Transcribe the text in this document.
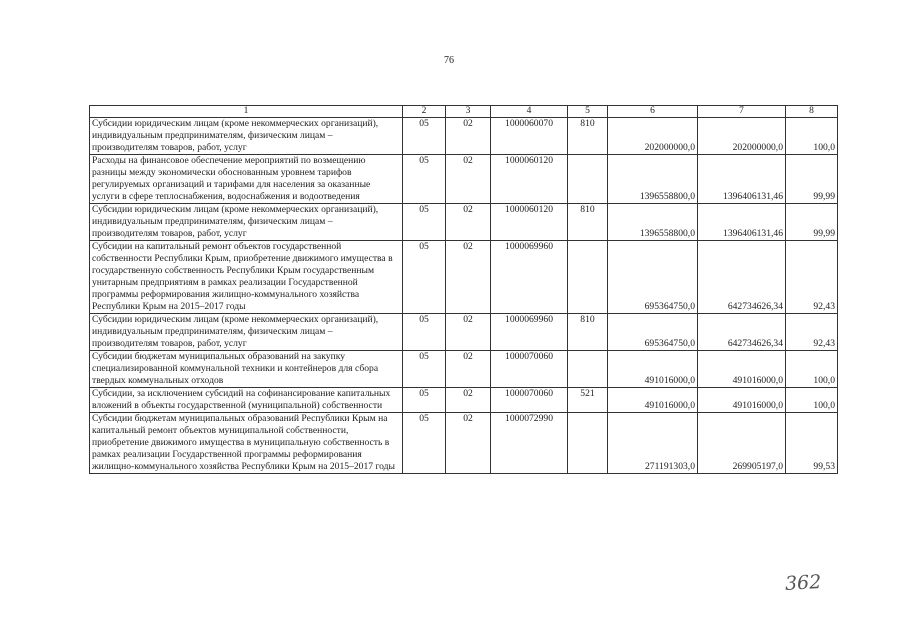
76
1	2	3	4	5	6	7	8
Субсидии юридическим лицам (кроме некоммерческих организаций), индивидуальным предпринимателям, физическим лицам – производителям товаров, работ, услуг	05	02	1000060070	810	202000000,0	202000000,0	100,0
Расходы на финансовое обеспечение мероприятий по возмещению разницы между экономически обоснованным уровнем тарифов регулируемых организаций и тарифами для населения за оказанные услуги в сфере теплоснабжения, водоснабжения и водоотведения	05	02	1000060120		1396558800,0	1396406131,46	99,99
Субсидии юридическим лицам (кроме некоммерческих организаций), индивидуальным предпринимателям, физическим лицам – производителям товаров, работ, услуг	05	02	1000060120	810	1396558800,0	1396406131,46	99,99
Субсидии на капитальный ремонт объектов государственной собственности Республики Крым, приобретение движимого имущества в государственную собственность Республики Крым государственным унитарным предприятиям в рамках реализации Государственной программы реформирования жилищно-коммунального хозяйства Республики Крым на 2015–2017 годы	05	02	1000069960		695364750,0	642734626,34	92,43
Субсидии юридическим лицам (кроме некоммерческих организаций), индивидуальным предпринимателям, физическим лицам – производителям товаров, работ, услуг	05	02	1000069960	810	695364750,0	642734626,34	92,43
Субсидии бюджетам муниципальных образований на закупку специализированной коммунальной техники и контейнеров для сбора твердых коммунальных отходов	05	02	1000070060		491016000,0	491016000,0	100,0
Субсидии, за исключением субсидий на софинансирование капитальных вложений в объекты государственной (муниципальной) собственности	05	02	1000070060	521	491016000,0	491016000,0	100,0
Субсидии бюджетам муниципальных образований Республики Крым на капитальный ремонт объектов муниципальной собственности, приобретение движимого имущества в муниципальную собственность в рамках реализации Государственной программы реформирования жилищно-коммунального хозяйства Республики Крым на 2015–2017 годы	05	02	1000072990		271191303,0	269905197,0	99,53
362
